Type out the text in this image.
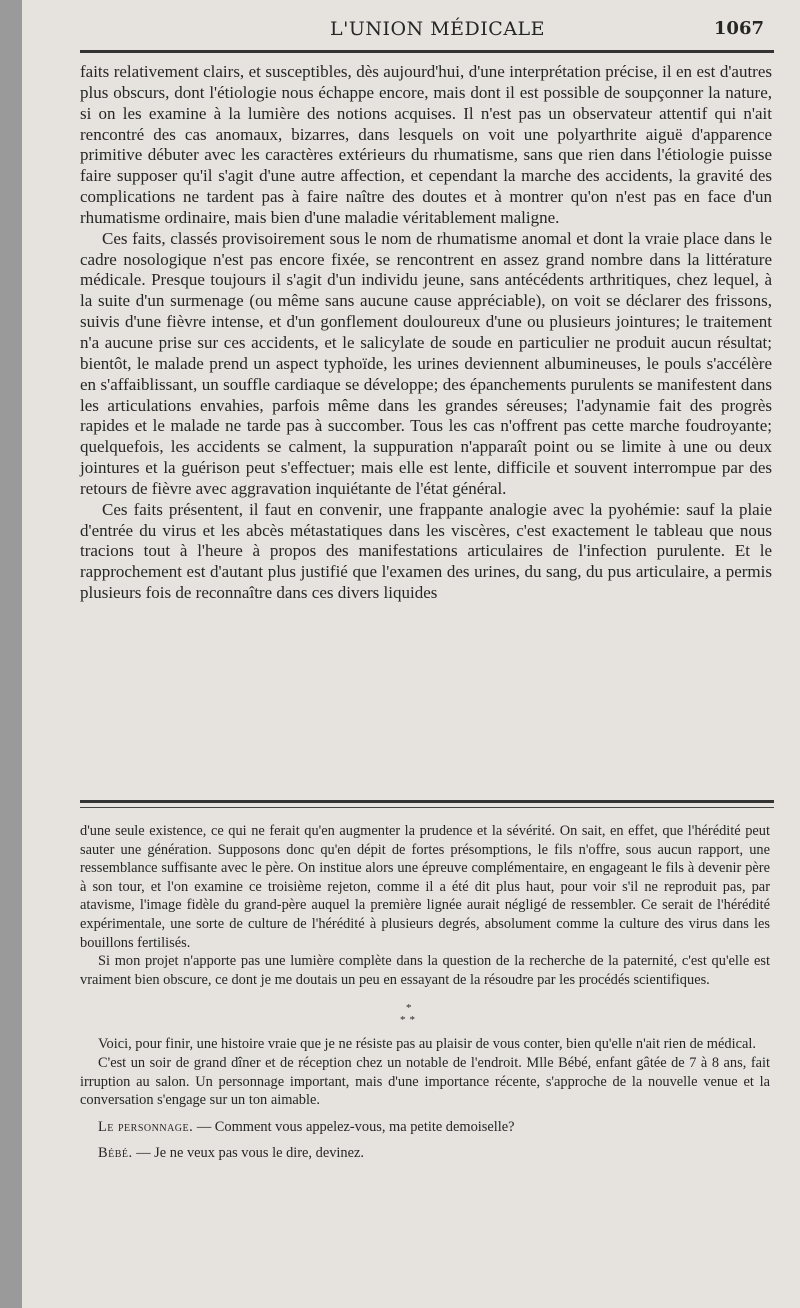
L'UNION MÉDICALE	1067

faits relativement clairs, et susceptibles, dès aujourd'hui, d'une interprétation précise, il en est d'autres plus obscurs, dont l'étiologie nous échappe encore, mais dont il est possible de soupçonner la nature, si on les examine à la lumière des notions acquises. Il n'est pas un observateur attentif qui n'ait rencontré des cas anomaux, bizarres, dans lesquels on voit une polyarthrite aiguë d'apparence primitive débuter avec les caractères extérieurs du rhumatisme, sans que rien dans l'étiologie puisse faire supposer qu'il s'agit d'une autre affection, et cependant la marche des accidents, la gravité des complications ne tardent pas à faire naître des doutes et à montrer qu'on n'est pas en face d'un rhumatisme ordinaire, mais bien d'une maladie véritablement maligne.

Ces faits, classés provisoirement sous le nom de rhumatisme anomal et dont la vraie place dans le cadre nosologique n'est pas encore fixée, se rencontrent en assez grand nombre dans la littérature médicale. Presque toujours il s'agit d'un individu jeune, sans antécédents arthritiques, chez lequel, à la suite d'un surmenage (ou même sans aucune cause appréciable), on voit se déclarer des frissons, suivis d'une fièvre intense, et d'un gonflement douloureux d'une ou plusieurs jointures; le traitement n'a aucune prise sur ces accidents, et le salicylate de soude en particulier ne produit aucun résultat; bientôt, le malade prend un aspect typhoïde, les urines deviennent albumineuses, le pouls s'accélère en s'affaiblissant, un souffle cardiaque se développe; des épanchements purulents se manifestent dans les articulations envahies, parfois même dans les grandes séreuses; l'adynamie fait des progrès rapides et le malade ne tarde pas à succomber. Tous les cas n'offrent pas cette marche foudroyante; quelquefois, les accidents se calment, la suppuration n'apparaît point ou se limite à une ou deux jointures et la guérison peut s'effectuer; mais elle est lente, difficile et souvent interrompue par des retours de fièvre avec aggravation inquiétante de l'état général.

Ces faits présentent, il faut en convenir, une frappante analogie avec la pyohémie: sauf la plaie d'entrée du virus et les abcès métastatiques dans les viscères, c'est exactement le tableau que nous tracions tout à l'heure à propos des manifestations articulaires de l'infection purulente. Et le rapprochement est d'autant plus justifié que l'examen des urines, du sang, du pus articulaire, a permis plusieurs fois de reconnaître dans ces divers liquides

d'une seule existence, ce qui ne ferait qu'en augmenter la prudence et la sévérité. On sait, en effet, que l'hérédité peut sauter une génération. Supposons donc qu'en dépit de fortes présomptions, le fils n'offre, sous aucun rapport, une ressemblance suffisante avec le père. On institue alors une épreuve complémentaire, en engageant le fils à devenir père à son tour, et l'on examine ce troisième rejeton, comme il a été dit plus haut, pour voir s'il ne reproduit pas, par atavisme, l'image fidèle du grand-père auquel la première lignée aurait négligé de ressembler. Ce serait de l'hérédité expérimentale, une sorte de culture de l'hérédité à plusieurs degrés, absolument comme la culture des virus dans les bouillons fertilisés.

Si mon projet n'apporte pas une lumière complète dans la question de la recherche de la paternité, c'est qu'elle est vraiment bien obscure, ce dont je me doutais un peu en essayant de la résoudre par les procédés scientifiques.

*
**

Voici, pour finir, une histoire vraie que je ne résiste pas au plaisir de vous conter, bien qu'elle n'ait rien de médical.

C'est un soir de grand dîner et de réception chez un notable de l'endroit. Mlle Bébé, enfant gâtée de 7 à 8 ans, fait irruption au salon. Un personnage important, mais d'une importance récente, s'approche de la nouvelle venue et la conversation s'engage sur un ton aimable.

Le personnage. — Comment vous appelez-vous, ma petite demoiselle?

Bébé. — Je ne veux pas vous le dire, devinez.
